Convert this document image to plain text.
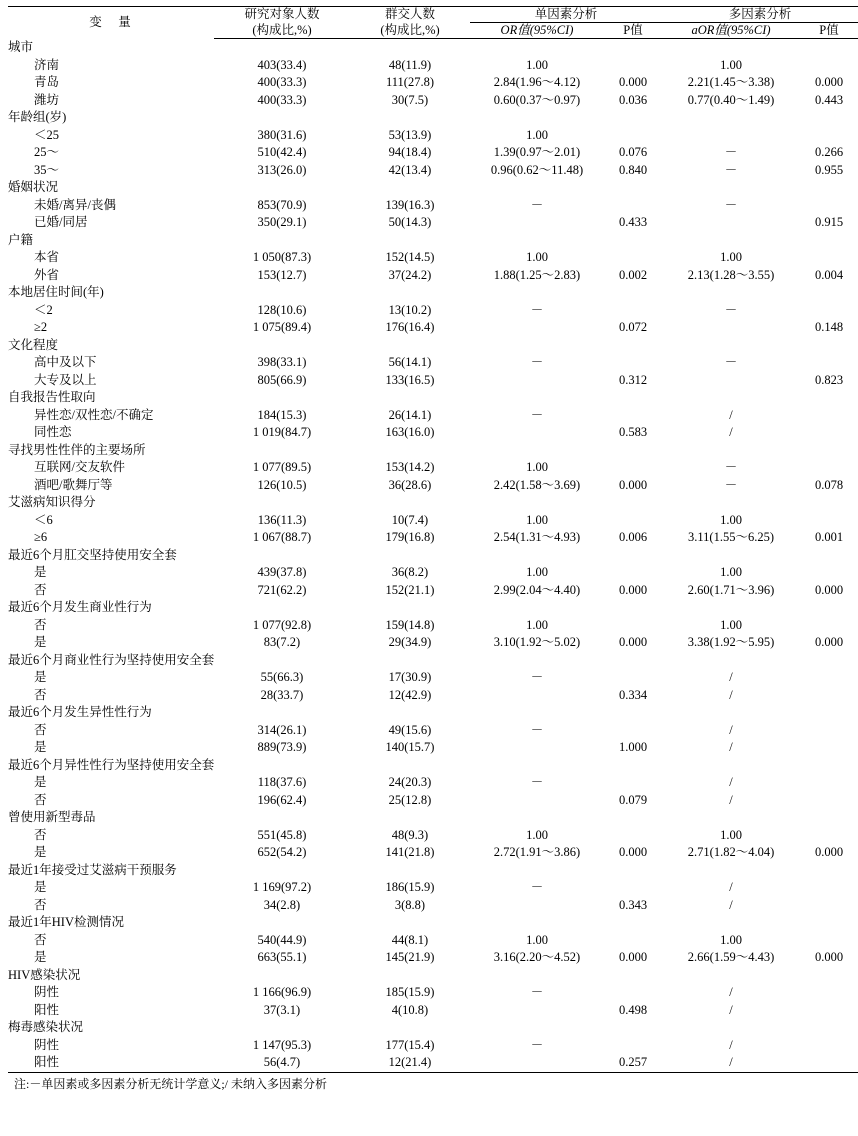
变　量	研究对象人数	群交人数	单因素分析		多因素分析	
	(构成比,%)	(构成比,%)	OR值(95%CI)	P值	aOR值(95%CI)	P值
城市						
济南	403(33.4)	48(11.9)	1.00		1.00	
青岛	400(33.3)	111(27.8)	2.84(1.96～4.12)	0.000	2.21(1.45～3.38)	0.000
潍坊	400(33.3)	30(7.5)	0.60(0.37～0.97)	0.036	0.77(0.40～1.49)	0.443
年龄组(岁)						
＜25	380(31.6)	53(13.9)	1.00			
25～	510(42.4)	94(18.4)	1.39(0.97～2.01)	0.076	－	0.266
35～	313(26.0)	42(13.4)	0.96(0.62～11.48)	0.840	－	0.955
婚姻状况						
未婚/离异/丧偶	853(70.9)	139(16.3)	－		－	
已婚/同居	350(29.1)	50(14.3)		0.433		0.915
户籍						
本省	1 050(87.3)	152(14.5)	1.00		1.00	
外省	153(12.7)	37(24.2)	1.88(1.25～2.83)	0.002	2.13(1.28～3.55)	0.004
本地居住时间(年)						
＜2	128(10.6)	13(10.2)	－		－	
≥2	1 075(89.4)	176(16.4)		0.072		0.148
文化程度						
高中及以下	398(33.1)	56(14.1)	－		－	
大专及以上	805(66.9)	133(16.5)		0.312		0.823
自我报告性取向						
异性恋/双性恋/不确定	184(15.3)	26(14.1)	－		/	
同性恋	1 019(84.7)	163(16.0)		0.583	/	
寻找男性性伴的主要场所						
互联网/交友软件	1 077(89.5)	153(14.2)	1.00		－	
酒吧/歌舞厅等	126(10.5)	36(28.6)	2.42(1.58～3.69)	0.000	－	0.078
艾滋病知识得分						
＜6	136(11.3)	10(7.4)	1.00		1.00	
≥6	1 067(88.7)	179(16.8)	2.54(1.31～4.93)	0.006	3.11(1.55～6.25)	0.001
最近6个月肛交坚持使用安全套						
是	439(37.8)	36(8.2)	1.00		1.00	
否	721(62.2)	152(21.1)	2.99(2.04～4.40)	0.000	2.60(1.71～3.96)	0.000
最近6个月发生商业性行为						
否	1 077(92.8)	159(14.8)	1.00		1.00	
是	83(7.2)	29(34.9)	3.10(1.92～5.02)	0.000	3.38(1.92～5.95)	0.000
最近6个月商业性行为坚持使用安全套						
是	55(66.3)	17(30.9)	－		/	
否	28(33.7)	12(42.9)		0.334	/	
最近6个月发生异性性行为						
否	314(26.1)	49(15.6)	－		/	
是	889(73.9)	140(15.7)		1.000	/	
最近6个月异性性行为坚持使用安全套						
是	118(37.6)	24(20.3)	－		/	
否	196(62.4)	25(12.8)		0.079	/	
曾使用新型毒品						
否	551(45.8)	48(9.3)	1.00		1.00	
是	652(54.2)	141(21.8)	2.72(1.91～3.86)	0.000	2.71(1.82～4.04)	0.000
最近1年接受过艾滋病干预服务						
是	1 169(97.2)	186(15.9)	－		/	
否	34(2.8)	3(8.8)		0.343	/	
最近1年HIV检测情况						
否	540(44.9)	44(8.1)	1.00		1.00	
是	663(55.1)	145(21.9)	3.16(2.20～4.52)	0.000	2.66(1.59～4.43)	0.000
HIV感染状况						
阴性	1 166(96.9)	185(15.9)	－		/	
阳性	37(3.1)	4(10.8)		0.498	/	
梅毒感染状况						
阴性	1 147(95.3)	177(15.4)	－		/	
阳性	56(4.7)	12(21.4)		0.257	/	
注:－单因素或多因素分析无统计学意义;/ 未纳入多因素分析
